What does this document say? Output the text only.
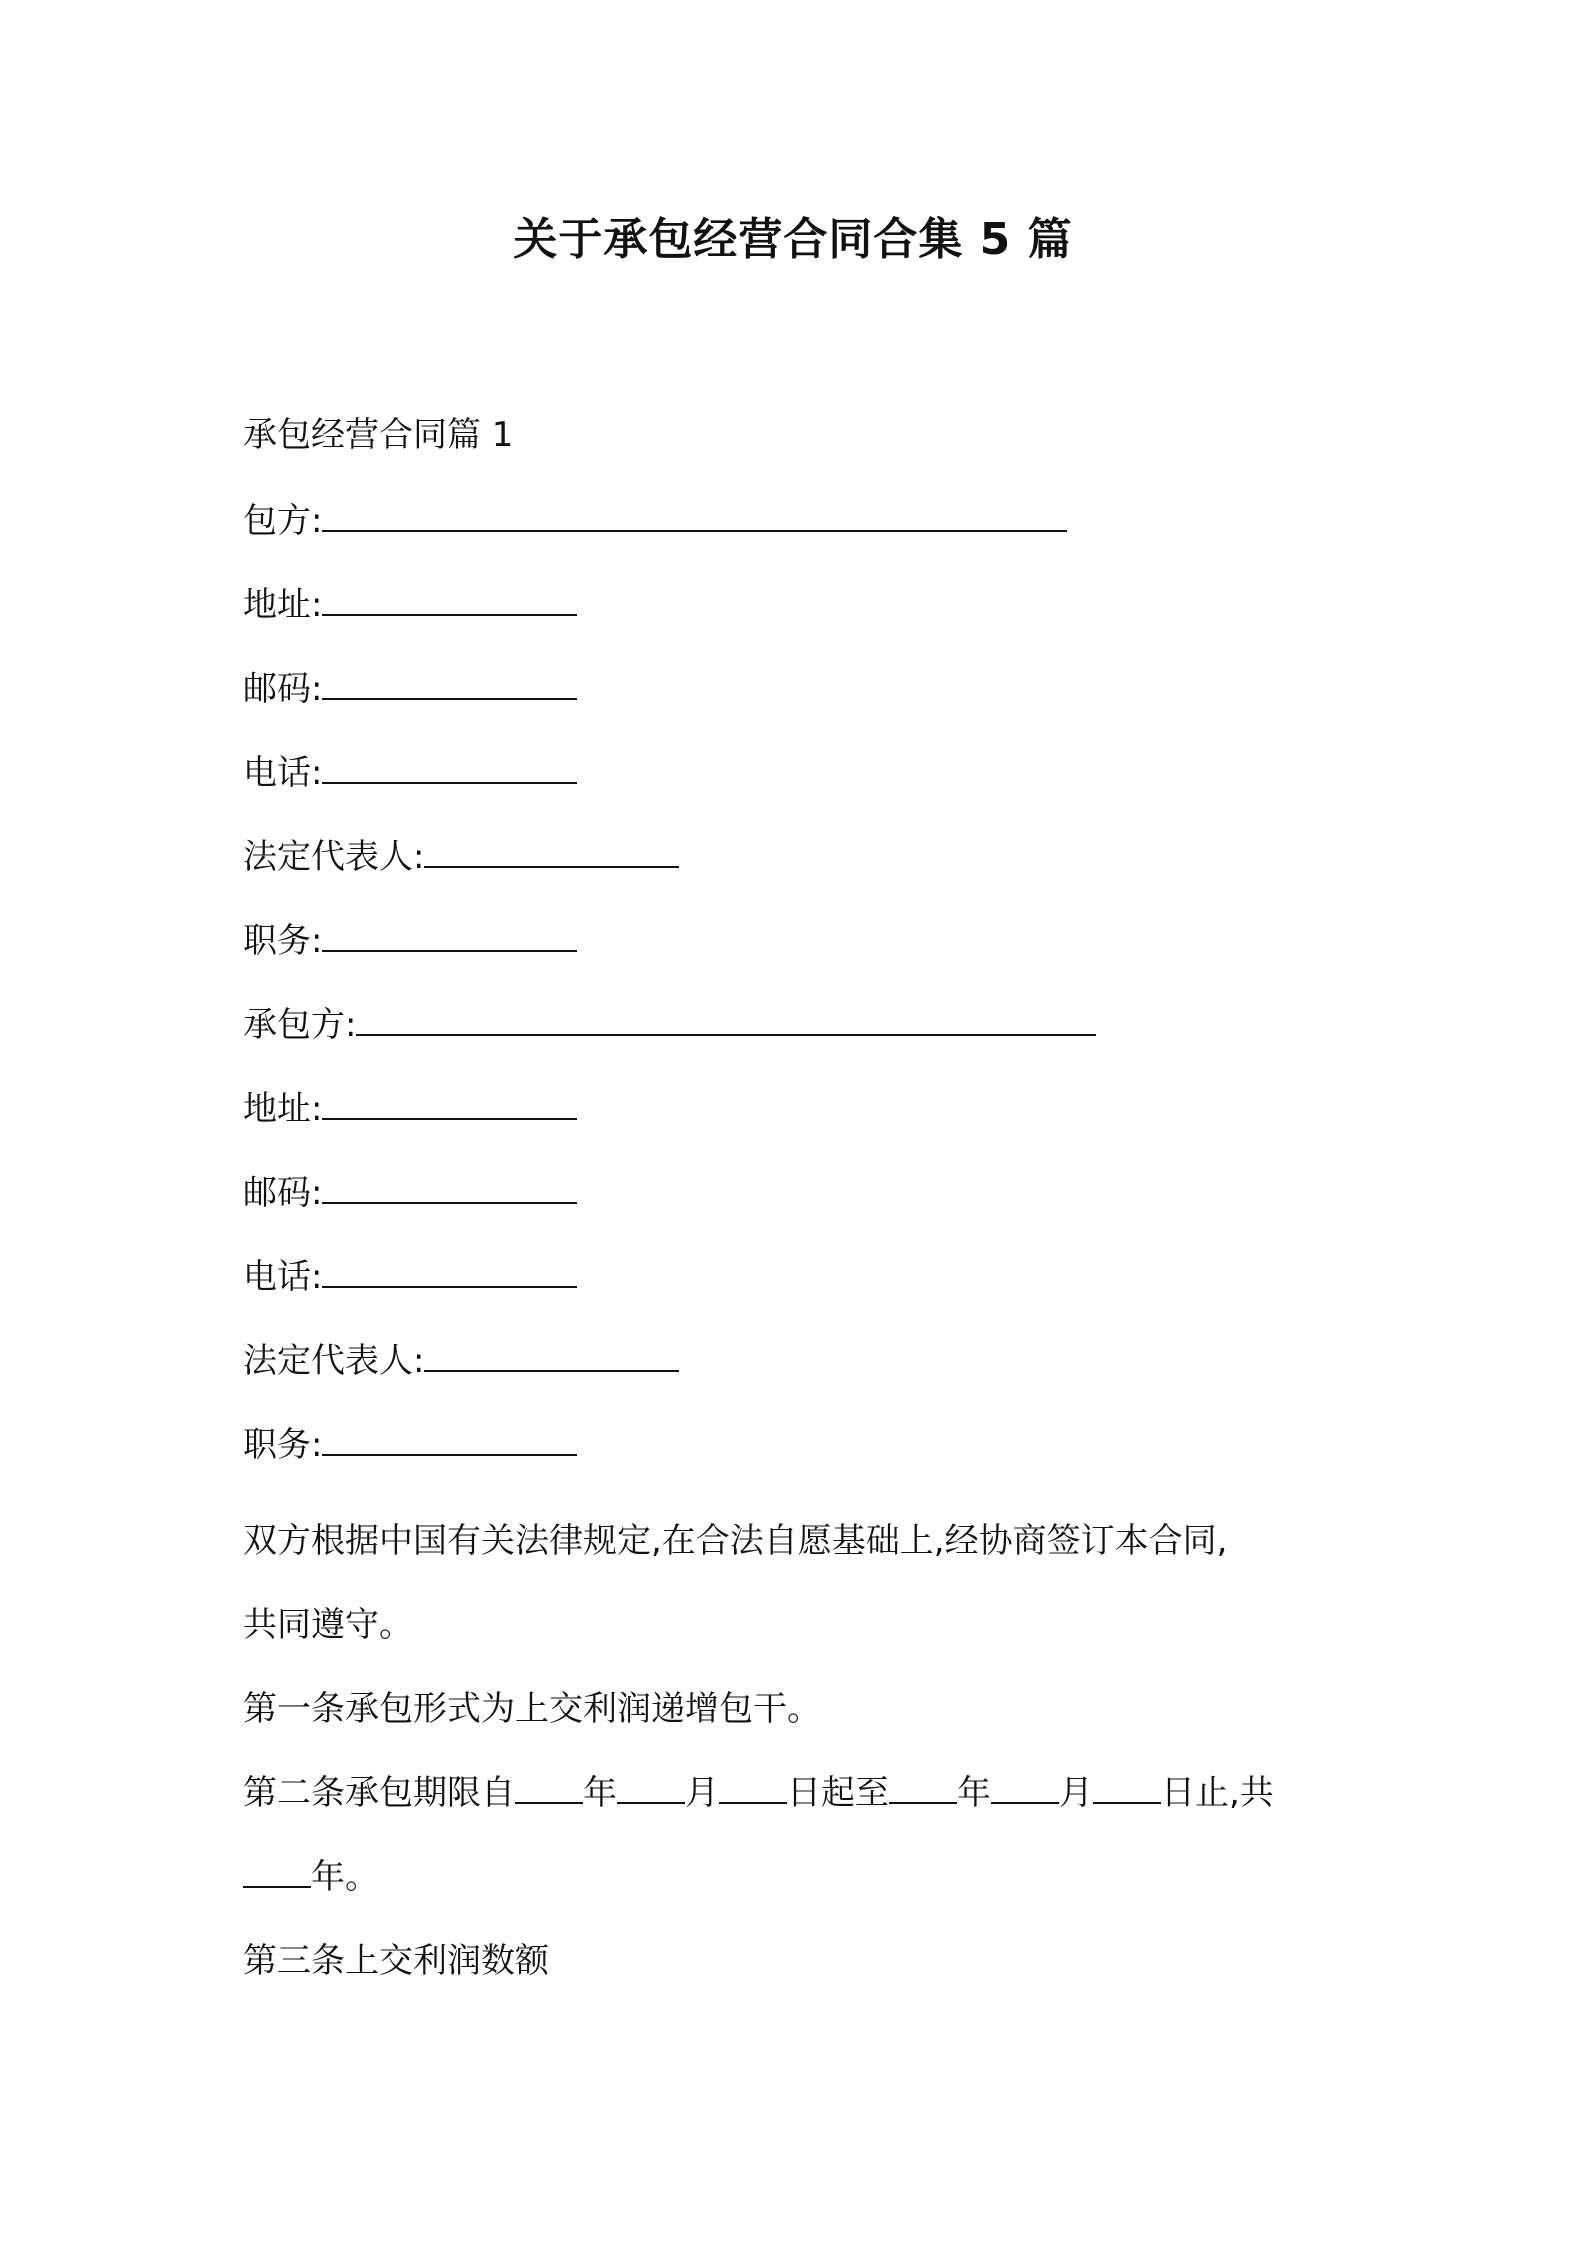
关于承包经营合同合集 5 篇
承包经营合同篇 1
包方:
地址:
邮码:
电话:
法定代表人:
职务:
承包方:
地址:
邮码:
电话:
法定代表人:
职务:
双方根据中国有关法律规定,在合法自愿基础上,经协商签订本合同,
共同遵守。
第一条承包形式为上交利润递增包干。
第二条承包期限自 年 月 日起至 年 月 日止,共
年。
第三条上交利润数额
